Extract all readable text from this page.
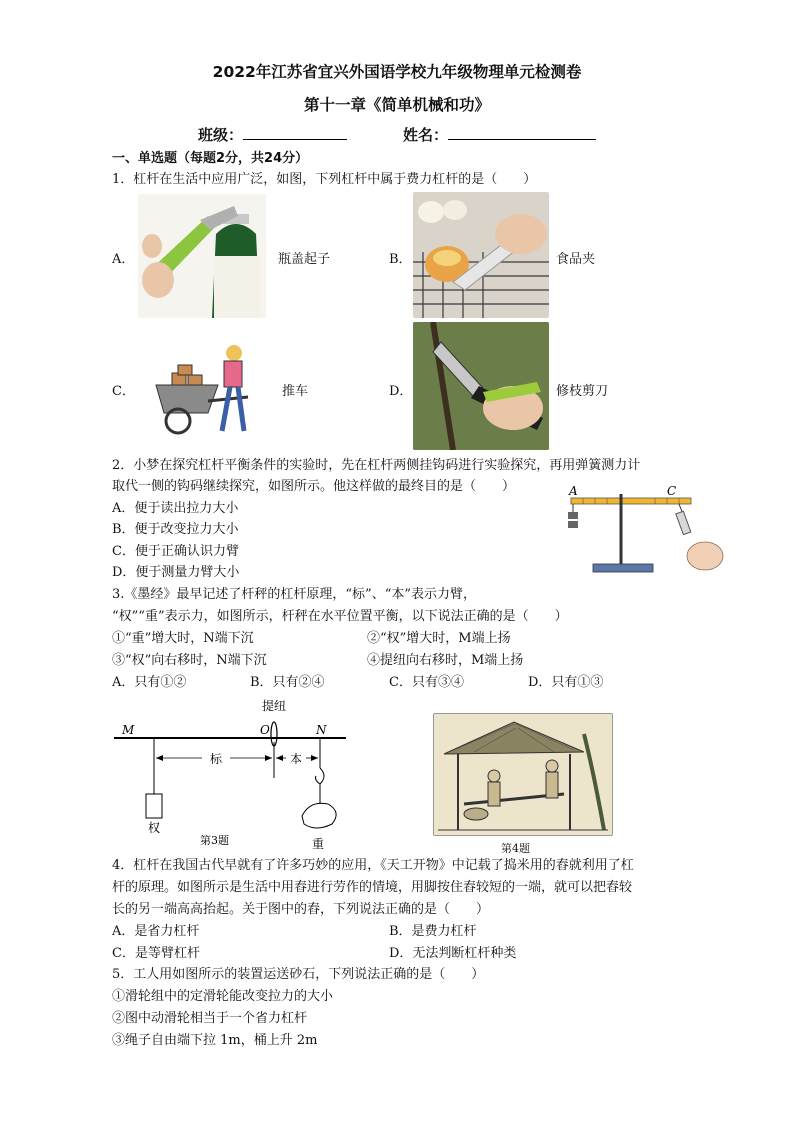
2022年江苏省宜兴外国语学校九年级物理单元检测卷
第十一章《简单机械和功》
班级：	姓名：
一、单选题（每题2分，共24分）
1．杠杆在生活中应用广泛，如图，下列杠杆中属于费力杠杆的是（　　）
A．	瓶盖起子	B．	食品夹
C．	推车	D．	修枝剪刀
2．小梦在探究杠杆平衡条件的实验时，先在杠杆两侧挂钩码进行实验探究，再用弹簧测力计
取代一侧的钩码继续探究，如图所示。他这样做的最终目的是（　　）
A．便于读出拉力大小
B．便于改变拉力大小
C．便于正确认识力臂
D．便于测量力臂大小
A	C
3.《墨经》最早记述了杆秤的杠杆原理，“标”、“本”表示力臂，
“权”“重”表示力，如图所示，杆秤在水平位置平衡，以下说法正确的是（　　）
①“重”增大时，N端下沉	②“权”增大时，M端上扬
③“权”向右移时，N端下沉	④提纽向右移时，M端上扬
A．只有①②	B．只有②④	C．只有③④	D．只有①③
M	O	N
提纽
标	本
权
重
第3题
第4题
4．杠杆在我国古代早就有了许多巧妙的应用，《天工开物》中记载了捣米用的舂就利用了杠
杆的原理。如图所示是生活中用舂进行劳作的情境，用脚按住舂较短的一端，就可以把舂较
长的另一端高高抬起。关于图中的舂，下列说法正确的是（　　）
A．是省力杠杆	B．是费力杠杆
C．是等臂杠杆	D．无法判断杠杆种类
5．工人用如图所示的装置运送砂石，下列说法正确的是（　　）
①滑轮组中的定滑轮能改变拉力的大小
②图中动滑轮相当于一个省力杠杆
③绳子自由端下拉 1m，桶上升 2m
